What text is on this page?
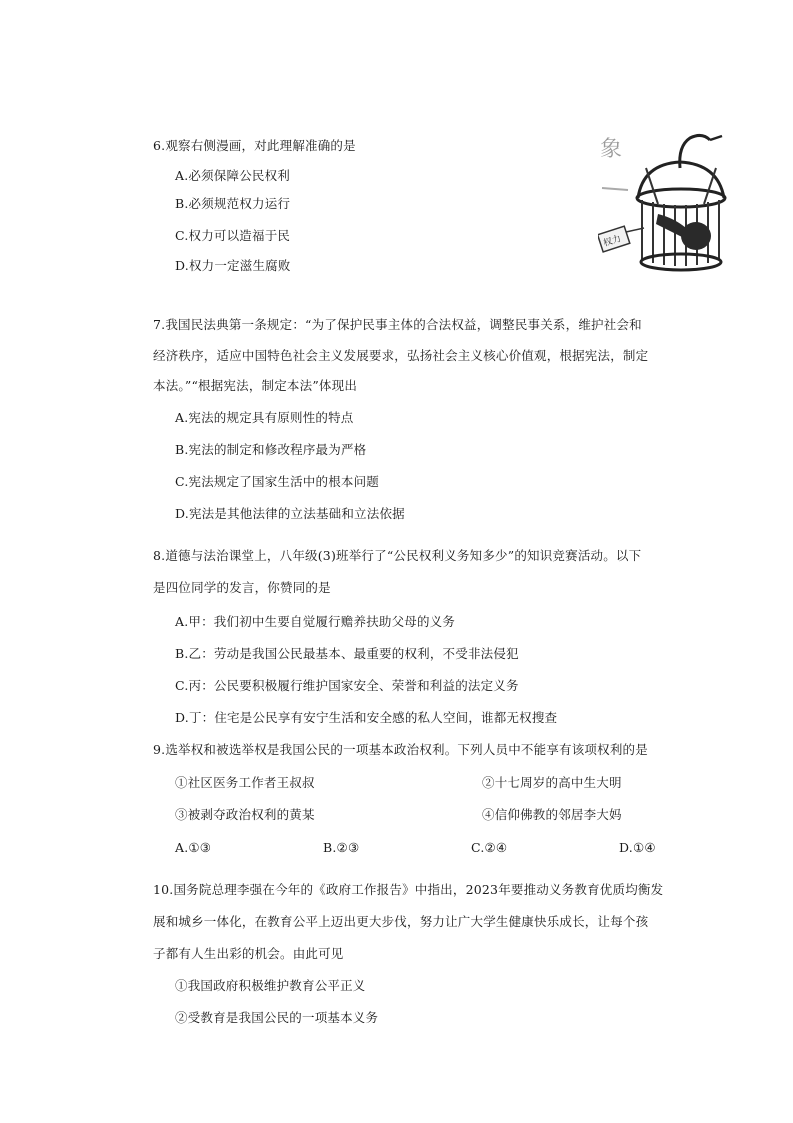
6.观察右侧漫画，对此理解准确的是
A.必须保障公民权利
B.必须规范权力运行
C.权力可以造福于民
D.权力一定滋生腐败
象
权力
7.我国民法典第一条规定：“为了保护民事主体的合法权益，调整民事关系，维护社会和
经济秩序，适应中国特色社会主义发展要求，弘扬社会主义核心价值观，根据宪法，制定
本法。”“根据宪法，制定本法”体现出
A.宪法的规定具有原则性的特点
B.宪法的制定和修改程序最为严格
C.宪法规定了国家生活中的根本问题
D.宪法是其他法律的立法基础和立法依据
8.道德与法治课堂上，八年级(3)班举行了“公民权利义务知多少”的知识竞赛活动。以下
是四位同学的发言，你赞同的是
A.甲：我们初中生要自觉履行赡养扶助父母的义务
B.乙：劳动是我国公民最基本、最重要的权利，不受非法侵犯
C.丙：公民要积极履行维护国家安全、荣誉和利益的法定义务
D.丁：住宅是公民享有安宁生活和安全感的私人空间，谁都无权搜查
9.选举权和被选举权是我国公民的一项基本政治权利。下列人员中不能享有该项权利的是
①社区医务工作者王叔叔	②十七周岁的高中生大明
③被剥夺政治权利的黄某	④信仰佛教的邻居李大妈
A.①③	B.②③	C.②④	D.①④
10.国务院总理李强在今年的《政府工作报告》中指出，2023年要推动义务教育优质均衡发
展和城乡一体化，在教育公平上迈出更大步伐，努力让广大学生健康快乐成长，让每个孩
子都有人生出彩的机会。由此可见
①我国政府积极维护教育公平正义
②受教育是我国公民的一项基本义务
